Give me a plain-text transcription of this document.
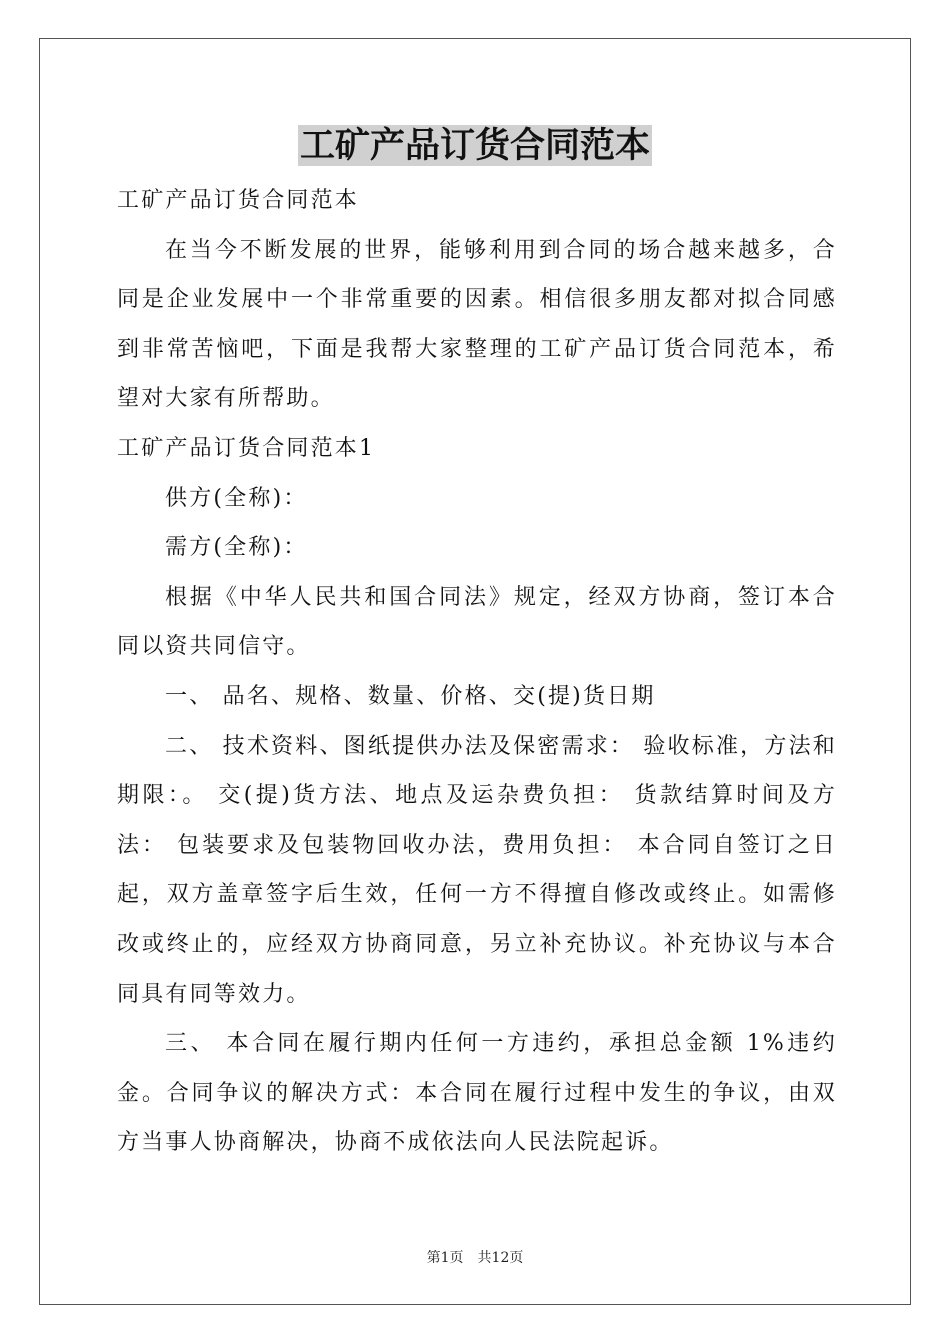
工矿产品订货合同范本

工矿产品订货合同范本

在当今不断发展的世界，能够利用到合同的场合越来越多，合同是企业发展中一个非常重要的因素。相信很多朋友都对拟合同感到非常苦恼吧，下面是我帮大家整理的工矿产品订货合同范本，希望对大家有所帮助。

工矿产品订货合同范本1

供方(全称)：

需方(全称)：

根据《中华人民共和国合同法》规定，经双方协商，签订本合同以资共同信守。

一、 品名、规格、数量、价格、交(提)货日期

二、 技术资料、图纸提供办法及保密需求： 验收标准，方法和期限：。 交(提)货方法、地点及运杂费负担： 货款结算时间及方法： 包装要求及包装物回收办法，费用负担： 本合同自签订之日起，双方盖章签字后生效，任何一方不得擅自修改或终止。如需修改或终止的，应经双方协商同意，另立补充协议。补充协议与本合同具有同等效力。

三、 本合同在履行期内任何一方违约，承担总金额 1%违约金。合同争议的解决方式：本合同在履行过程中发生的争议，由双方当事人协商解决，协商不成依法向人民法院起诉。

第1页 共12页
